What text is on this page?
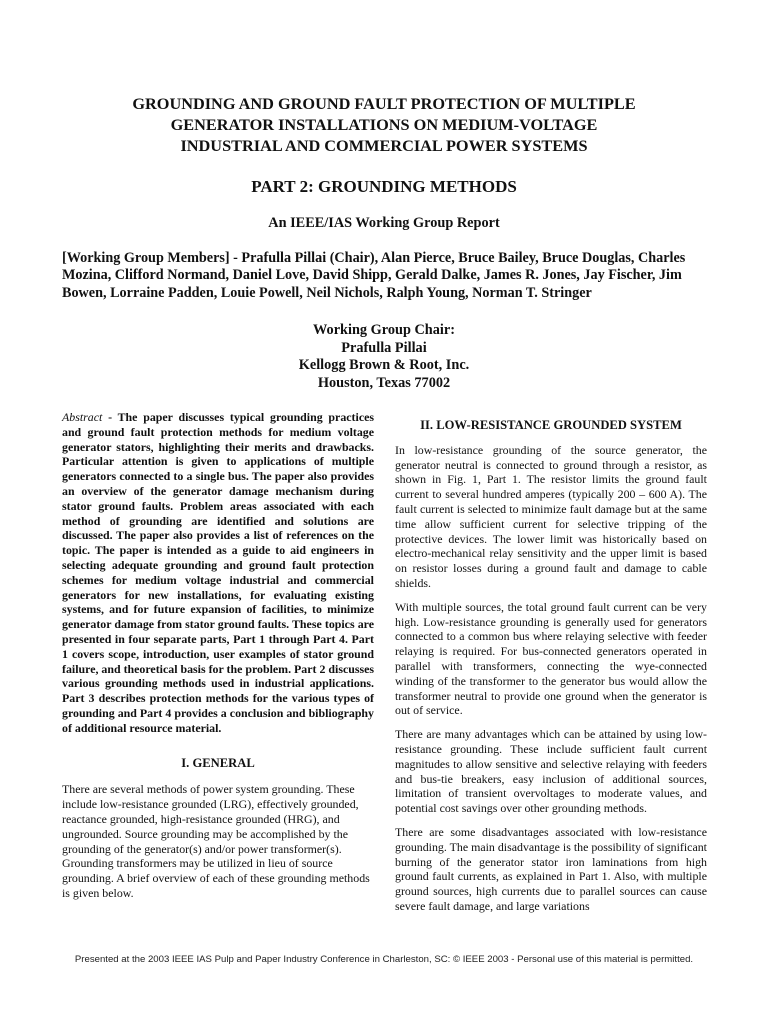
GROUNDING AND GROUND FAULT PROTECTION OF MULTIPLE
GENERATOR INSTALLATIONS ON MEDIUM-VOLTAGE
INDUSTRIAL AND COMMERCIAL POWER SYSTEMS
PART 2: GROUNDING METHODS
An IEEE/IAS Working Group Report
[Working Group Members] - Prafulla Pillai (Chair), Alan Pierce, Bruce Bailey, Bruce Douglas, Charles Mozina, Clifford Normand, Daniel Love, David Shipp, Gerald Dalke, James R. Jones, Jay Fischer, Jim Bowen, Lorraine Padden, Louie Powell, Neil Nichols, Ralph Young, Norman T. Stringer
Working Group Chair:
Prafulla Pillai
Kellogg Brown & Root, Inc.
Houston, Texas 77002

Abstract - The paper discusses typical grounding practices and ground fault protection methods for medium voltage generator stators, highlighting their merits and drawbacks. Particular attention is given to applications of multiple generators connected to a single bus. The paper also provides an overview of the generator damage mechanism during stator ground faults. Problem areas associated with each method of grounding are identified and solutions are discussed. The paper also provides a list of references on the topic. The paper is intended as a guide to aid engineers in selecting adequate grounding and ground fault protection schemes for medium voltage industrial and commercial generators for new installations, for evaluating existing systems, and for future expansion of facilities, to minimize generator damage from stator ground faults. These topics are presented in four separate parts, Part 1 through Part 4. Part 1 covers scope, introduction, user examples of stator ground failure, and theoretical basis for the problem. Part 2 discusses various grounding methods used in industrial applications. Part 3 describes protection methods for the various types of grounding and Part 4 provides a conclusion and bibliography of additional resource material.

I. GENERAL

There are several methods of power system grounding. These include low-resistance grounded (LRG), effectively grounded, reactance grounded, high-resistance grounded (HRG), and ungrounded. Source grounding may be accomplished by the grounding of the generator(s) and/or power transformer(s). Grounding transformers may be utilized in lieu of source grounding. A brief overview of each of these grounding methods is given below.

II. LOW-RESISTANCE GROUNDED SYSTEM

In low-resistance grounding of the source generator, the generator neutral is connected to ground through a resistor, as shown in Fig. 1, Part 1. The resistor limits the ground fault current to several hundred amperes (typically 200 – 600 A). The fault current is selected to minimize fault damage but at the same time allow sufficient current for selective tripping of the protective devices. The lower limit was historically based on electro-mechanical relay sensitivity and the upper limit is based on resistor losses during a ground fault and damage to cable shields.

With multiple sources, the total ground fault current can be very high. Low-resistance grounding is generally used for generators connected to a common bus where relaying selective with feeder relaying is required. For bus-connected generators operated in parallel with transformers, connecting the wye-connected winding of the transformer to the generator bus would allow the transformer neutral to provide one ground when the generator is out of service.

There are many advantages which can be attained by using low-resistance grounding. These include sufficient fault current magnitudes to allow sensitive and selective relaying with feeders and bus-tie breakers, easy inclusion of additional sources, limitation of transient overvoltages to moderate values, and potential cost savings over other grounding methods.

There are some disadvantages associated with low-resistance grounding. The main disadvantage is the possibility of significant burning of the generator stator iron laminations from high ground fault currents, as explained in Part 1. Also, with multiple ground sources, high currents due to parallel sources can cause severe fault damage, and large variations

Presented at the 2003 IEEE IAS Pulp and Paper Industry Conference in Charleston, SC: © IEEE 2003 - Personal use of this material is permitted.
